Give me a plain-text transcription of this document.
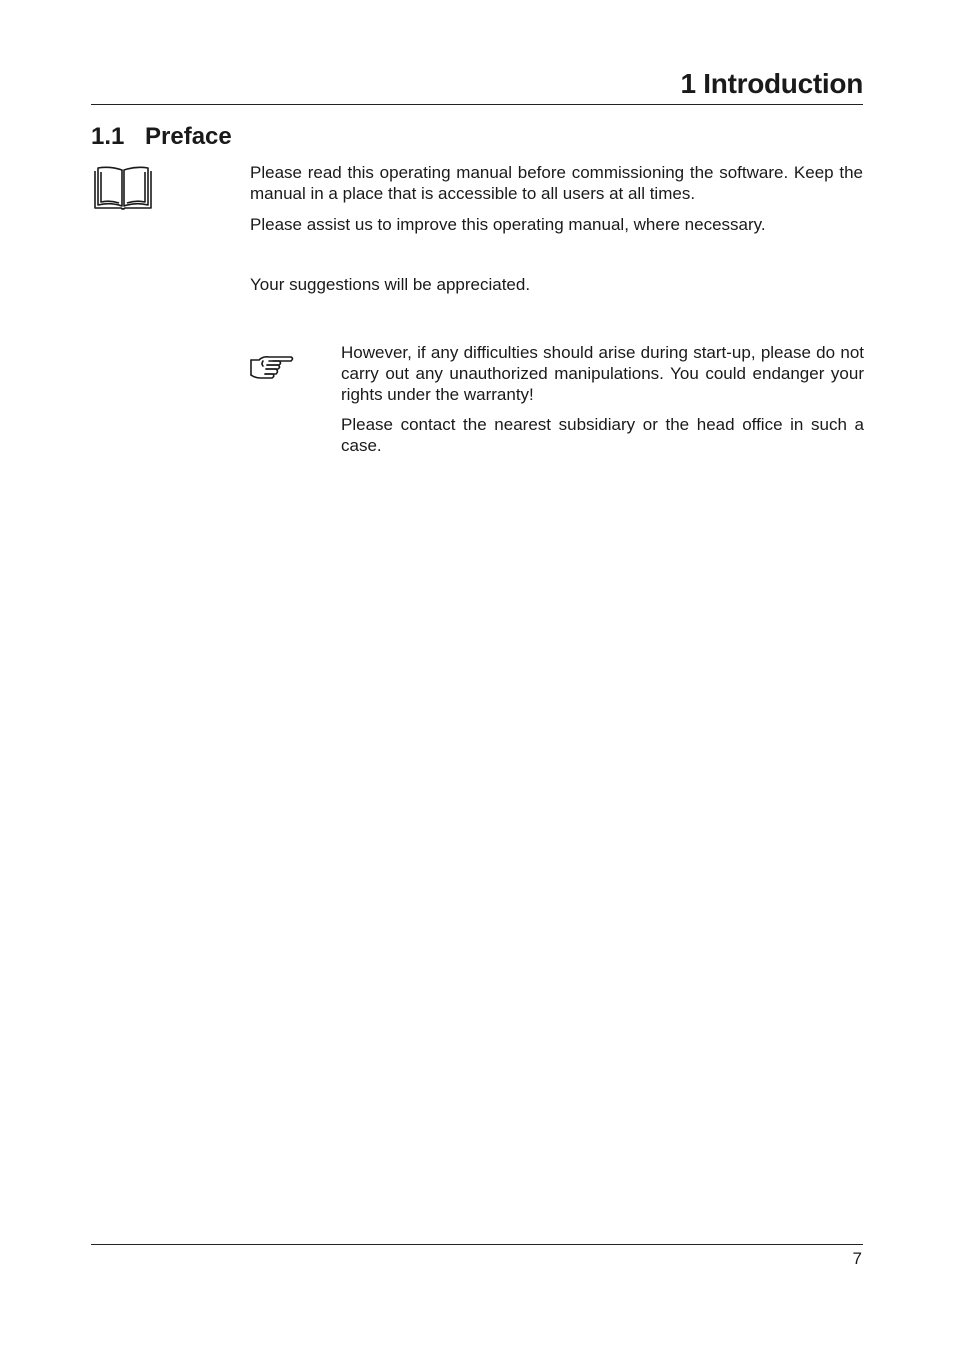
1 Introduction
1.1 Preface

Please read this operating manual before commissioning the software. Keep the manual in a place that is accessible to all users at all times.

Please assist us to improve this operating manual, where necessary.

Your suggestions will be appreciated.

However, if any difficulties should arise during start-up, please do not carry out any unauthorized manipulations. You could endanger your rights under the warranty!

Please contact the nearest subsidiary or the head office in such a case.

7
